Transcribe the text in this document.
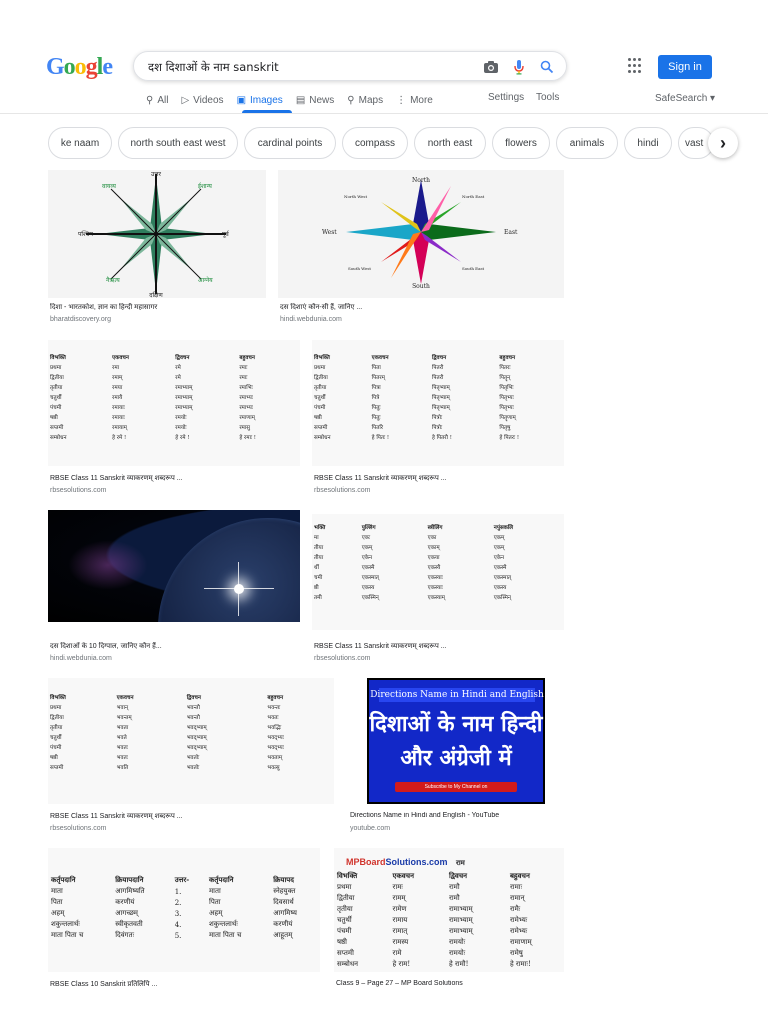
Google
दश दिशाओं के नाम sanskrit	Sign in
⚲ All ▷ Videos ▣ Images ▤ News ⚲ Maps ⋮ More	Settings Tools	SafeSearch ▾
ke naam	north south east west	cardinal points	compass	north east	flowers	animals	hindi	vast ›
उत्तर
दक्षिण
पूर्व
पश्चिम
ईशान्य
वायव्य
आग्नेय
नैऋत्य
दिशा - भारतकोश, ज्ञान का हिन्दी महासागर
bharatdiscovery.org
North
South
East
West
North East
North West
South East
South West
दस दिशाएं कौन-सी हैं, जानिए ...
hindi.webdunia.com
विभक्ति	एकवचन	द्विवचन	बहुवचन
प्रथमा	रमा	रमे	रमाः
द्वितीया	रमाम्	रमे	रमाः
तृतीया	रमया	रमाभ्याम्	रमाभिः
चतुर्थी	रमायै	रमाभ्याम्	रमाभ्यः
पंचमी	रमायाः	रमाभ्याम्	रमाभ्यः
षष्ठी	रमायाः	रमयोः	रमाणाम्
सप्तमी	रमायाम्	रमयोः	रमासु
सम्बोधन	हे रमे !	हे रमे !	हे रमाः !
RBSE Class 11 Sanskrit व्याकरणम् शब्दरूप ...
rbsesolutions.com
विभक्ति	एकवचन	द्विवचन	बहुवचन
प्रथमा	पिता	पितरौ	पितरः
द्वितीया	पितरम्	पितरौ	पितॄन्
तृतीया	पित्रा	पितृभ्याम्	पितृभिः
चतुर्थी	पित्रे	पितृभ्याम्	पितृभ्यः
पंचमी	पितुः	पितृभ्याम्	पितृभ्यः
षष्ठी	पितुः	पित्रोः	पितॄणाम्
सप्तमी	पितरि	पित्रोः	पितृषु
सम्बोधन	हे पितः !	हे पितरौ !	हे पितरः !
RBSE Class 11 Sanskrit व्याकरणम् शब्दरूप ...
rbsesolutions.com
दस दिशाओं के 10 दिग्पाल, जानिए कौन हैं...
hindi.webdunia.com
भक्ति	पुल्लिंग	स्त्रीलिंग	नपुंसकलि
मा	एकः	एका	एकम्
तीया	एकम्	एकाम्	एकम्
तीया	एकेन	एकया	एकेन
र्थी	एकस्मै	एकस्यै	एकस्मै
चमी	एकस्मात्	एकस्याः	एकस्मात्
ष्ठी	एकस्य	एकस्याः	एकस्य
तमी	एकस्मिन्	एकस्याम्	एकस्मिन्
RBSE Class 11 Sanskrit व्याकरणम् शब्दरूप ...
rbsesolutions.com
विभक्ति	एकवचन	द्विवचन	बहुवचन
प्रथमा	भवान्	भवन्तौ	भवन्तः
द्वितीया	भवन्तम्	भवन्तौ	भवतः
तृतीया	भवता	भवद्भ्याम्	भवद्भिः
चतुर्थी	भवते	भवद्भ्याम्	भवद्भ्यः
पंचमी	भवतः	भवद्भ्याम्	भवद्भ्यः
षष्ठी	भवतः	भवतोः	भवताम्
सप्तमी	भवति	भवतोः	भवत्सु
RBSE Class 11 Sanskrit व्याकरणम् शब्दरूप ...
rbsesolutions.com
Directions Name in Hindi and English
दिशाओं के नाम हिन्दी
और अंग्रेजी में
Subscribe to My Channel on
Directions Name in Hindi and English - YouTube
youtube.com
कर्तृपदानि	क्रियापदानि	उत्तर-	कर्तृपदानि	क्रियापद
माता	आगमिष्यति	1.	माता	स्नेहयुक्त
पिता	करणीयं	2.	पिता	दिवसार्थ
अहम्	आगच्छम्	3.	अहम्	आगमिष्य
शकुन्तलार्थः	स्वीकृतवती	4.	शकुन्तलार्थः	करणीयं
माता पिता च	दिवंगतः	5.	माता पिता च	आहूतम्
RBSE Class 10 Sanskrit प्रतिलिपि ...
MPBoardSolutions.com राम
विभक्ति	एकवचन	द्विवचन	बहुवचन
प्रथमा	रामः	रामौ	रामाः
द्वितीया	रामम्	रामौ	रामान्
तृतीया	रामेण	रामाभ्याम्	रामैः
चतुर्थी	रामाय	रामाभ्याम्	रामेभ्यः
पंचमी	रामात्	रामाभ्याम्	रामेभ्यः
षष्ठी	रामस्य	रामयोः	रामाणाम्
सप्तमी	रामे	रामयोः	रामेषु
सम्बोधन	हे राम!	हे रामौ!	हे रामाः!
Class 9 – Page 27 – MP Board Solutions
